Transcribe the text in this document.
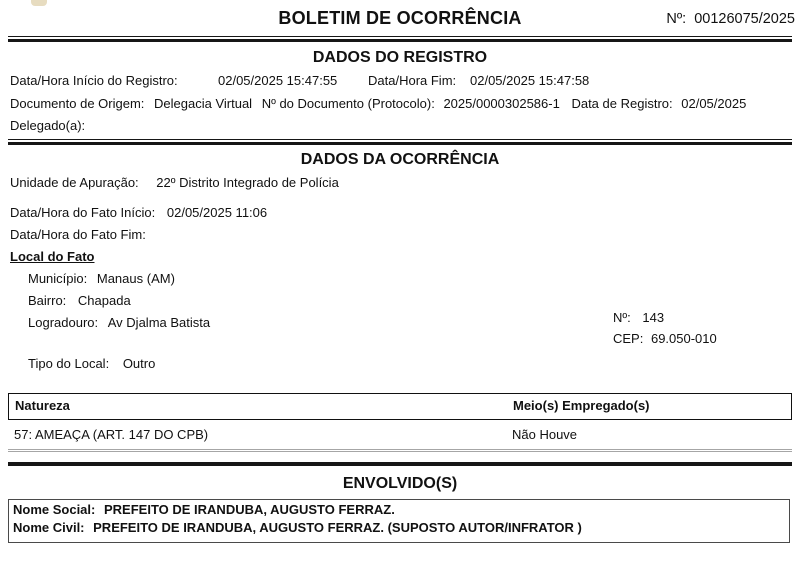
BOLETIM DE OCORRÊNCIA	Nº: 00126075/2025
DADOS DO REGISTRO
Data/Hora Início do Registro:	02/05/2025 15:47:55 Data/Hora Fim: 02/05/2025 15:47:58
Documento de Origem: Delegacia Virtual Nº do Documento (Protocolo): 2025/0000302586-1 Data de Registro: 02/05/2025
Delegado(a):
DADOS DA OCORRÊNCIA
Unidade de Apuração: 22º Distrito Integrado de Polícia
Data/Hora do Fato Início: 02/05/2025 11:06
Data/Hora do Fato Fim:
Local do Fato
Município: Manaus (AM)
Bairro: Chapada
Logradouro: Av Djalma Batista	Nº: 143
CEP: 69.050-010
Tipo do Local: Outro
Natureza	Meio(s) Empregado(s)
57: AMEAÇA (ART. 147 DO CPB)	Não Houve
ENVOLVIDO(S)
Nome Social: PREFEITO DE IRANDUBA, AUGUSTO FERRAZ.
Nome Civil: PREFEITO DE IRANDUBA, AUGUSTO FERRAZ. (SUPOSTO AUTOR/INFRATOR )
